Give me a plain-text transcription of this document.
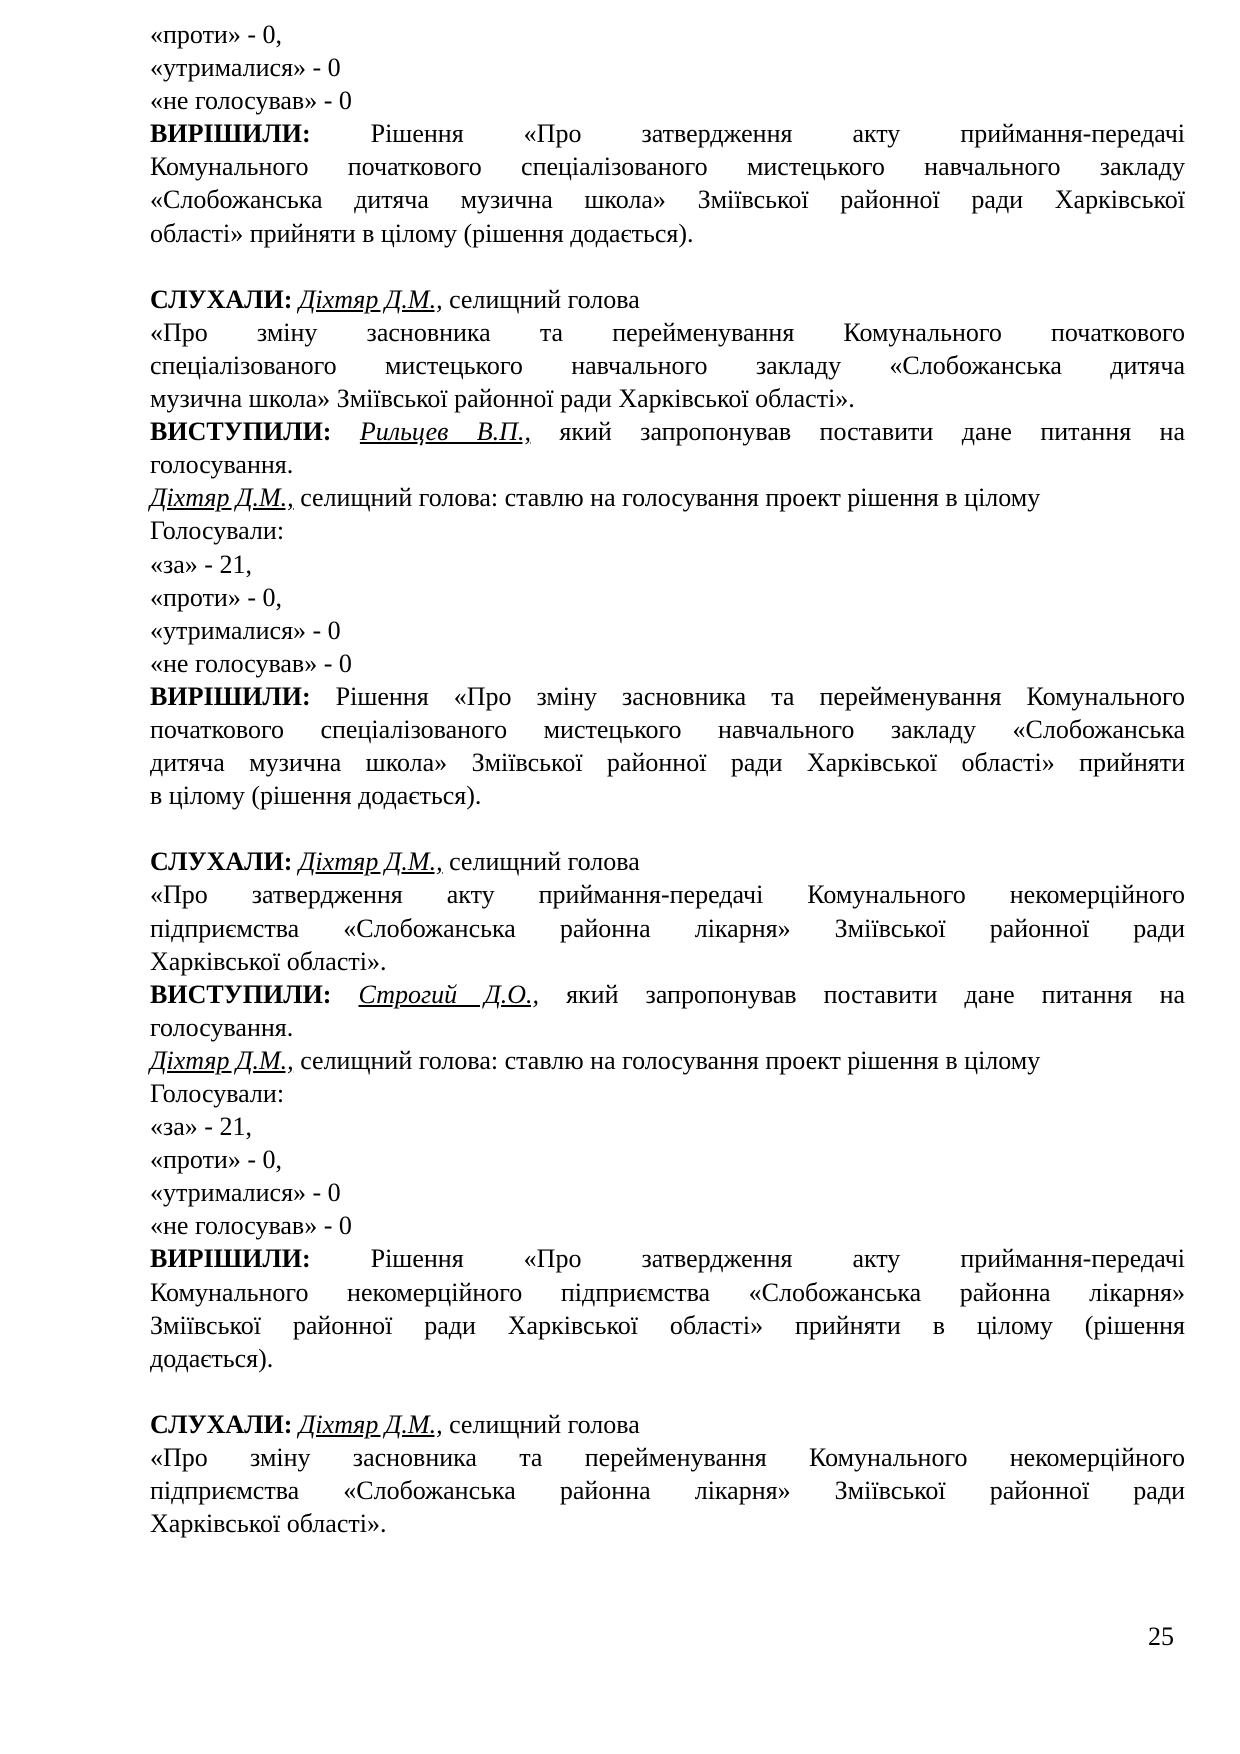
«проти» - 0,
«утрималися» - 0
«не голосував» - 0
ВИРІШИЛИ: Рішення «Про затвердження акту приймання-передачі
Комунального початкового спеціалізованого мистецького навчального закладу
«Слобожанська дитяча музична школа» Зміївської районної ради Харківської
області» прийняти в цілому (рішення додається).
СЛУХАЛИ: Діхтяр Д.М., селищний голова
«Про зміну засновника та перейменування Комунального початкового
спеціалізованого мистецького навчального закладу «Слобожанська дитяча
музична школа» Зміївської районної ради Харківської області».
ВИСТУПИЛИ: Рильцев В.П., який запропонував поставити дане питання на
голосування.
Діхтяр Д.М., селищний голова: ставлю на голосування проект рішення в цілому
Голосували:
«за» - 21,
«проти» - 0,
«утрималися» - 0
«не голосував» - 0
ВИРІШИЛИ: Рішення «Про зміну засновника та перейменування Комунального
початкового спеціалізованого мистецького навчального закладу «Слобожанська
дитяча музична школа» Зміївської районної ради Харківської області» прийняти
в цілому (рішення додається).
СЛУХАЛИ: Діхтяр Д.М., селищний голова
«Про затвердження акту приймання-передачі Комунального некомерційного
підприємства «Слобожанська районна лікарня» Зміївської районної ради
Харківської області».
ВИСТУПИЛИ: Строгий Д.О., який запропонував поставити дане питання на
голосування.
Діхтяр Д.М., селищний голова: ставлю на голосування проект рішення в цілому
Голосували:
«за» - 21,
«проти» - 0,
«утрималися» - 0
«не голосував» - 0
ВИРІШИЛИ: Рішення «Про затвердження акту приймання-передачі
Комунального некомерційного підприємства «Слобожанська районна лікарня»
Зміївської районної ради Харківської області» прийняти в цілому (рішення
додається).
СЛУХАЛИ: Діхтяр Д.М., селищний голова
«Про зміну засновника та перейменування Комунального некомерційного
підприємства «Слобожанська районна лікарня» Зміївської районної ради
Харківської області».
25
